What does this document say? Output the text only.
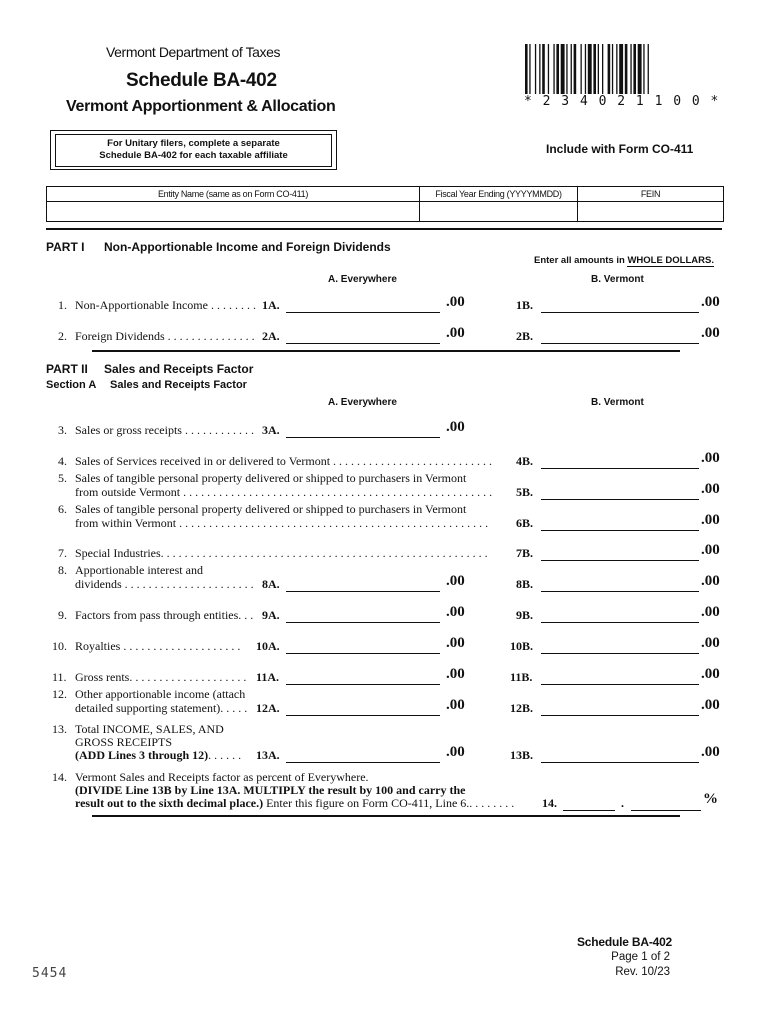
Vermont Department of Taxes
Schedule BA-402
Vermont Apportionment & Allocation	* 2 3 4 0 2 1 1 0 0 *
For Unitary filers, complete a separate
Schedule BA-402 for each taxable affiliate	Include with Form CO-411
Entity Name (same as on Form CO-411)	Fiscal Year Ending (YYYYMMDD)	FEIN
PART I Non-Apportionable Income and Foreign Dividends
Enter all amounts in WHOLE DOLLARS.
A. Everywhere	B. Vermont
1. Non-Apportionable Income . . . . . . . . 1A.	.00	1B.	.00
2. Foreign Dividends . . . . . . . . . . . . . . . 2A.	.00	2B.	.00
PART II Sales and Receipts Factor
Section A Sales and Receipts Factor
A. Everywhere	B. Vermont
3. Sales or gross receipts . . . . . . . . . . . . 3A.	.00
4. Sales of Services received in or delivered to Vermont . . . . . . . . . . . . . . . . . . . . . . . . . . .	4B.	.00
5. Sales of tangible personal property delivered or shipped to purchasers in Vermont
from outside Vermont . . . . . . . . . . . . . . . . . . . . . . . . . . . . . . . . . . . . . . . . . . . . . . . . . . . .	5B.	.00
6. Sales of tangible personal property delivered or shipped to purchasers in Vermont
from within Vermont . . . . . . . . . . . . . . . . . . . . . . . . . . . . . . . . . . . . . . . . . . . . . . . . . . . .	6B.	.00
7. Special Industries. . . . . . . . . . . . . . . . . . . . . . . . . . . . . . . . . . . . . . . . . . . . . . . . . . . . . . .	7B.	.00
8. Apportionable interest and
dividends . . . . . . . . . . . . . . . . . . . . . . 8A.	.00	8B.	.00
9. Factors from pass through entities. . . 9A.	.00	9B.	.00
10. Royalties . . . . . . . . . . . . . . . . . . . . 10A.	.00	10B.	.00
11. Gross rents. . . . . . . . . . . . . . . . . . . . 11A.	.00	11B.	.00
12. Other apportionable income (attach
detailed supporting statement). . . . . 12A.	.00	12B.	.00
13. Total INCOME, SALES, AND
GROSS RECEIPTS
(ADD Lines 3 through 12). . . . . . 13A.	.00	13B.	.00
14. Vermont Sales and Receipts factor as percent of Everywhere.
(DIVIDE Line 13B by Line 13A. MULTIPLY the result by 100 and carry the
result out to the sixth decimal place.) Enter this figure on Form CO-411, Line 6.. . . . . . . . 14.	.	%
5454
Schedule BA-402
Page 1 of 2
Rev. 10/23
